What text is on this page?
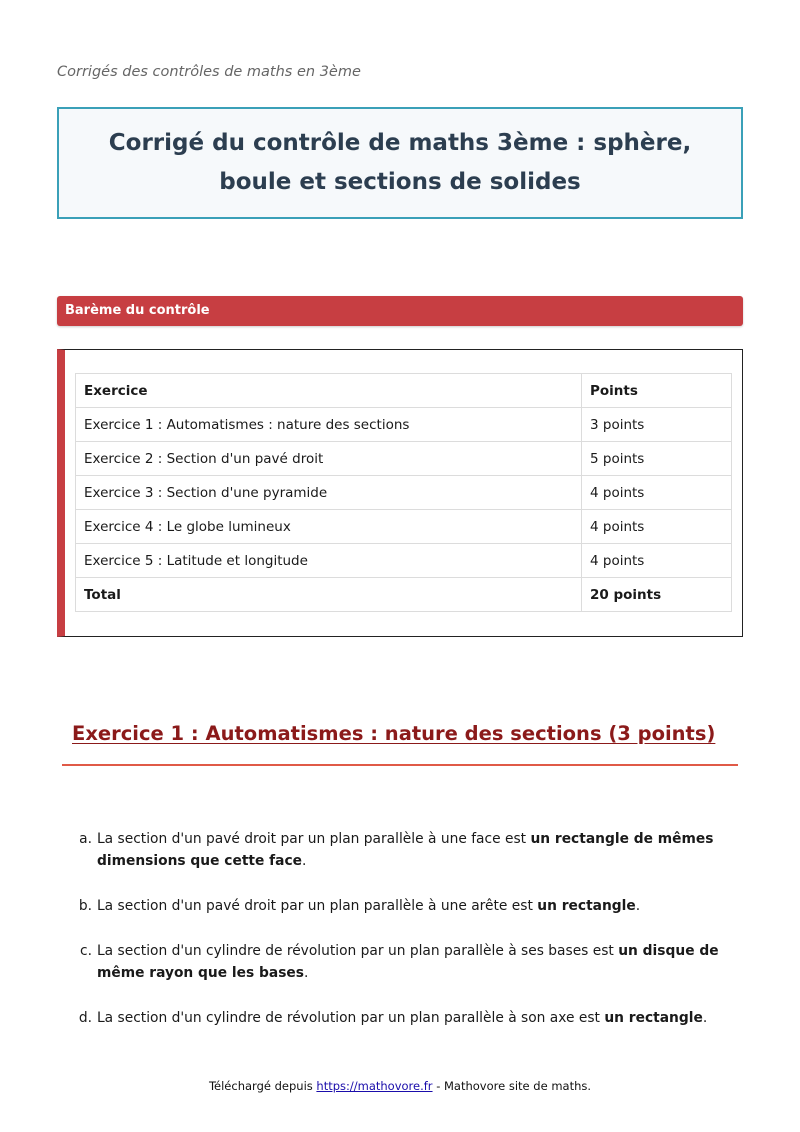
Corrigés des contrôles de maths en 3ème
Corrigé du contrôle de maths 3ème : sphère, boule et sections de solides
Barème du contrôle
Exercice	Points
Exercice 1 : Automatismes : nature des sections	3 points
Exercice 2 : Section d'un pavé droit	5 points
Exercice 3 : Section d'une pyramide	4 points
Exercice 4 : Le globe lumineux	4 points
Exercice 5 : Latitude et longitude	4 points
Total	20 points
Exercice 1 : Automatismes : nature des sections (3 points)
a. La section d'un pavé droit par un plan parallèle à une face est un rectangle de mêmes dimensions que cette face.
b. La section d'un pavé droit par un plan parallèle à une arête est un rectangle.
c. La section d'un cylindre de révolution par un plan parallèle à ses bases est un disque de même rayon que les bases.
d. La section d'un cylindre de révolution par un plan parallèle à son axe est un rectangle.
Téléchargé depuis https://mathovore.fr - Mathovore site de maths.
